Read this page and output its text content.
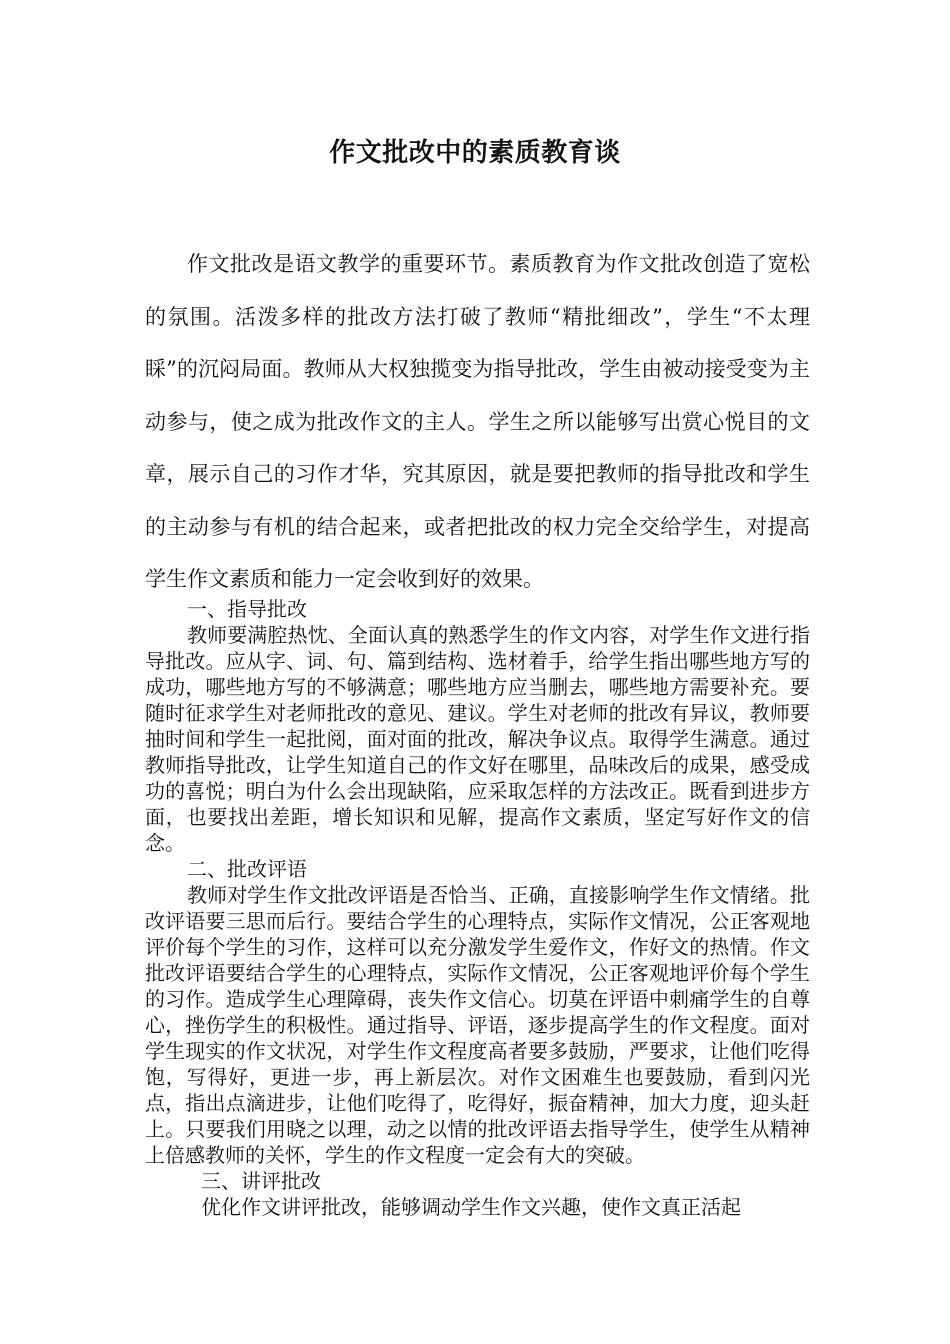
作文批改中的素质教育谈

作文批改是语文教学的重要环节。素质教育为作文批改创造了宽松的氛围。活泼多样的批改方法打破了教师“精批细改”，学生“不太理睬”的沉闷局面。教师从大权独揽变为指导批改，学生由被动接受变为主动参与，使之成为批改作文的主人。学生之所以能够写出赏心悦目的文章，展示自己的习作才华，究其原因，就是要把教师的指导批改和学生的主动参与有机的结合起来，或者把批改的权力完全交给学生，对提高学生作文素质和能力一定会收到好的效果。

一、指导批改

教师要满腔热忱、全面认真的熟悉学生的作文内容，对学生作文进行指导批改。应从字、词、句、篇到结构、选材着手，给学生指出哪些地方写的成功，哪些地方写的不够满意；哪些地方应当删去，哪些地方需要补充。要随时征求学生对老师批改的意见、建议。学生对老师的批改有异议，教师要抽时间和学生一起批阅，面对面的批改，解决争议点。取得学生满意。通过教师指导批改，让学生知道自己的作文好在哪里，品味改后的成果，感受成功的喜悦；明白为什么会出现缺陷，应采取怎样的方法改正。既看到进步方面，也要找出差距，增长知识和见解，提高作文素质，坚定写好作文的信念。

二、批改评语

教师对学生作文批改评语是否恰当、正确，直接影响学生作文情绪。批改评语要三思而后行。要结合学生的心理特点，实际作文情况，公正客观地评价每个学生的习作，这样可以充分激发学生爱作文，作好文的热情。作文批改评语要结合学生的心理特点，实际作文情况，公正客观地评价每个学生的习作。造成学生心理障碍，丧失作文信心。切莫在评语中刺痛学生的自尊心，挫伤学生的积极性。通过指导、评语，逐步提高学生的作文程度。面对学生现实的作文状况，对学生作文程度高者要多鼓励，严要求，让他们吃得饱，写得好，更进一步，再上新层次。对作文困难生也要鼓励，看到闪光点，指出点滴进步，让他们吃得了，吃得好，振奋精神，加大力度，迎头赶上。只要我们用晓之以理，动之以情的批改评语去指导学生，使学生从精神上倍感教师的关怀，学生的作文程度一定会有大的突破。

三、讲评批改

优化作文讲评批改，能够调动学生作文兴趣，使作文真正活起
